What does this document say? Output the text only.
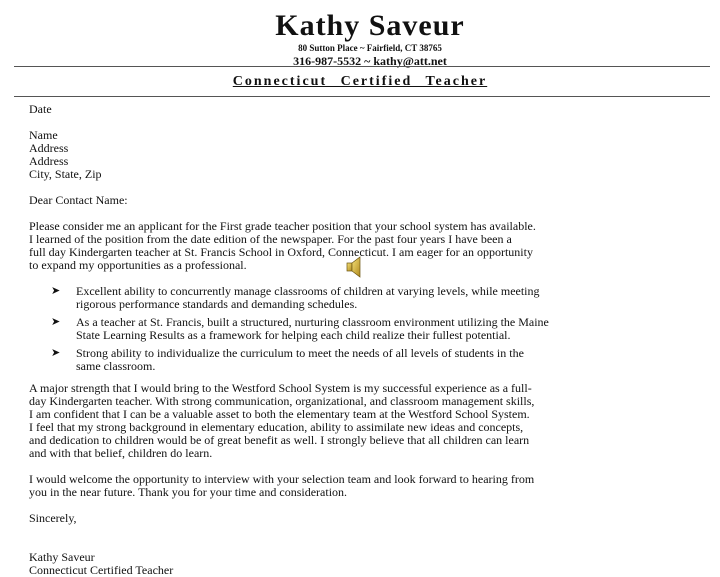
Kathy Saveur
80 Sutton Place ~ Fairfield, CT 38765
316-987-5532 ~ kathy@att.net
Connecticut Certified Teacher
Date
Name
Address
Address
City, State, Zip
Dear Contact Name:
Please consider me an applicant for the First grade teacher position that your school system has available.
I learned of the position from the date edition of the newspaper. For the past four years I have been a
full day Kindergarten teacher at St. Francis School in Oxford, Connecticut. I am eager for an opportunity
to expand my opportunities as a professional.
➤ Excellent ability to concurrently manage classrooms of children at varying levels, while meeting
rigorous performance standards and demanding schedules.
➤ As a teacher at St. Francis, built a structured, nurturing classroom environment utilizing the Maine
State Learning Results as a framework for helping each child realize their fullest potential.
➤ Strong ability to individualize the curriculum to meet the needs of all levels of students in the
same classroom.
A major strength that I would bring to the Westford School System is my successful experience as a full-
day Kindergarten teacher. With strong communication, organizational, and classroom management skills,
I am confident that I can be a valuable asset to both the elementary team at the Westford School System.
I feel that my strong background in elementary education, ability to assimilate new ideas and concepts,
and dedication to children would be of great benefit as well. I strongly believe that all children can learn
and with that belief, children do learn.
I would welcome the opportunity to interview with your selection team and look forward to hearing from
you in the near future. Thank you for your time and consideration.
Sincerely,
Kathy Saveur
Connecticut Certified Teacher
